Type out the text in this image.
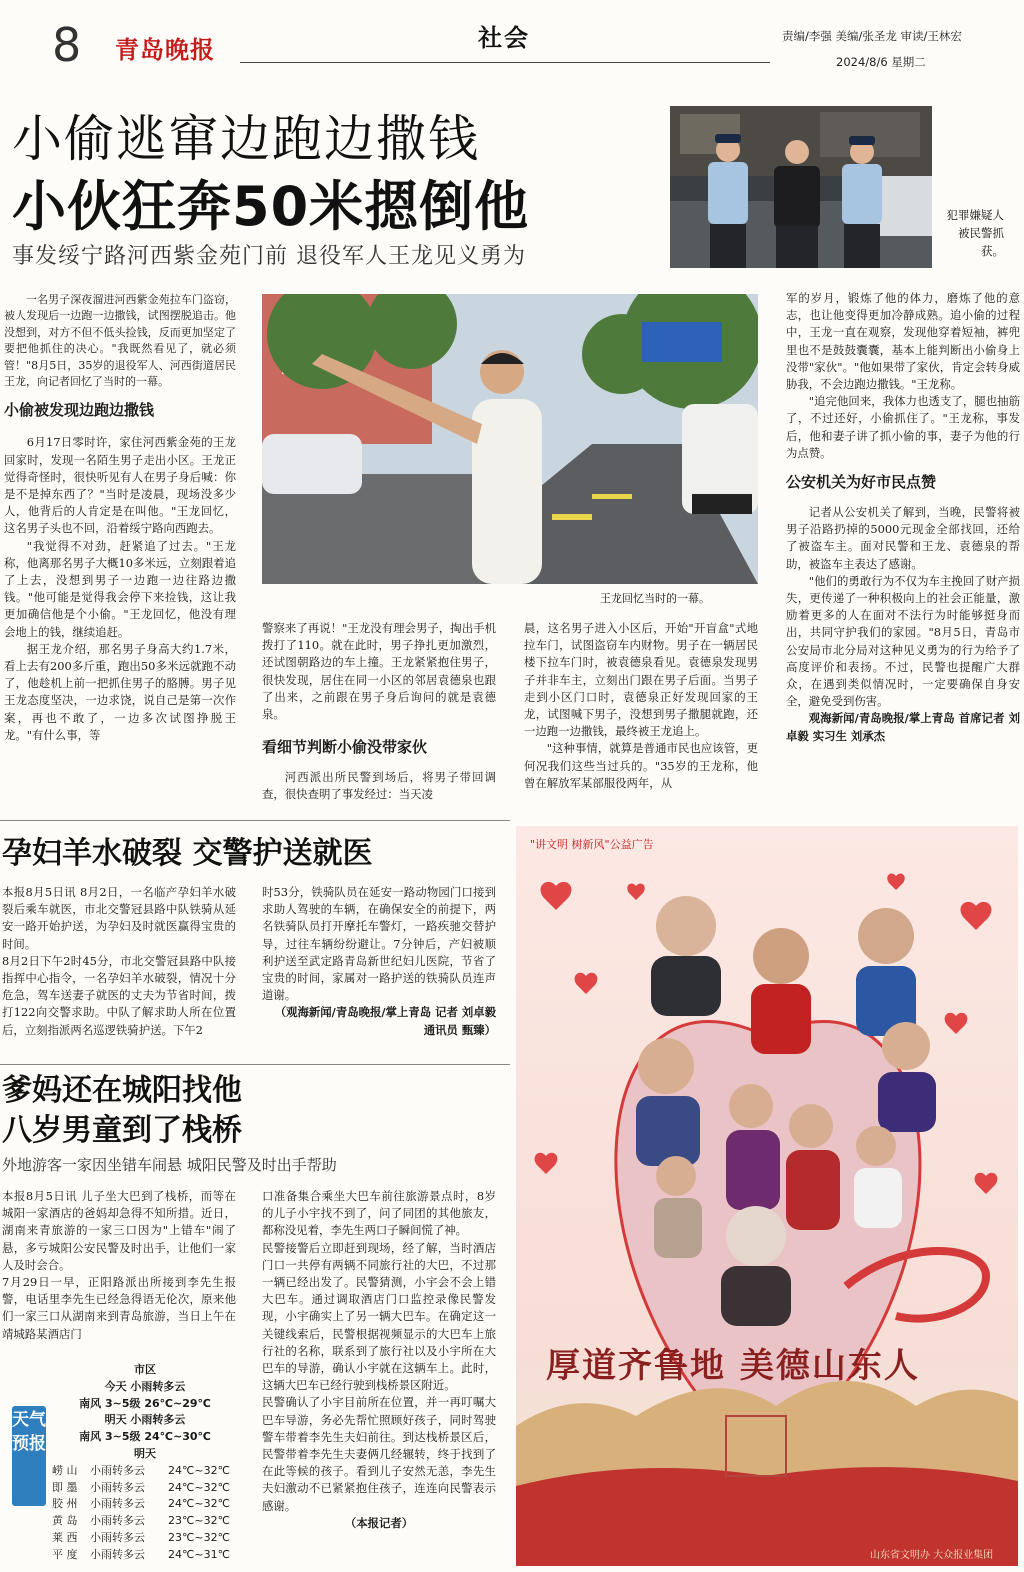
8 青岛晚报	社会	责编/李强 美编/张圣龙 审读/王林宏
2024/8/6 星期二
小偷逃窜边跑边撒钱
小伙狂奔50米摁倒他
事发绥宁路河西紫金苑门前 退役军人王龙见义勇为
犯罪嫌疑人被民警抓获。
王龙回忆当时的一幕。

一名男子深夜溜进河西紫金苑拉车门盗窃，被人发现后一边跑一边撒钱，试图摆脱追击。他没想到，对方不但不低头捡钱，反而更加坚定了要把他抓住的决心。"我既然看见了，就必须管！"8月5日，35岁的退役军人、河西街道居民王龙，向记者回忆了当时的一幕。

小偷被发现边跑边撒钱

6月17日零时许，家住河西紫金苑的王龙回家时，发现一名陌生男子走出小区。王龙正觉得奇怪时，很快听见有人在男子身后喊：你是不是掉东西了？"当时是凌晨，现场没多少人，他背后的人肯定是在叫他。"王龙回忆，这名男子头也不回，沿着绥宁路向西跑去。

"我觉得不对劲，赶紧追了过去。"王龙称，他离那名男子大概10多米远，立刻跟着追了上去，没想到男子一边跑一边往路边撒钱。"他可能是觉得我会停下来捡钱，这让我更加确信他是个小偷。"王龙回忆，他没有理会地上的钱，继续追赶。

据王龙介绍，那名男子身高大约1.7米，看上去有200多斤重，跑出50多米远就跑不动了，他趁机上前一把抓住男子的胳膊。男子见王龙态度坚决，一边求饶，说自己是第一次作案，再也不敢了，一边多次试图挣脱王龙。"有什么事，等

警察来了再说！"王龙没有理会男子，掏出手机拨打了110。就在此时，男子挣扎更加激烈，还试图朝路边的车上撞。王龙紧紧抱住男子，很快发现，居住在同一小区的邻居袁德泉也跟了出来，之前跟在男子身后询问的就是袁德泉。

看细节判断小偷没带家伙

河西派出所民警到场后，将男子带回调查，很快查明了事发经过：当天凌

晨，这名男子进入小区后，开始"开盲盒"式地拉车门，试图盗窃车内财物。男子在一辆居民楼下拉车门时，被袁德泉看见。袁德泉发现男子并非车主，立刻出门跟在男子后面。当男子走到小区门口时，袁德泉正好发现回家的王龙，试图喊下男子，没想到男子撒腿就跑，还一边跑一边撒钱，最终被王龙追上。

"这种事情，就算是普通市民也应该管，更何况我们这些当过兵的。"35岁的王龙称，他曾在解放军某部服役两年，从

军的岁月，锻炼了他的体力，磨炼了他的意志，也让他变得更加冷静成熟。追小偷的过程中，王龙一直在观察，发现他穿着短袖，裤兜里也不是鼓鼓囊囊，基本上能判断出小偷身上没带"家伙"。"他如果带了家伙，肯定会转身威胁我，不会边跑边撒钱。"王龙称。

"追完他回来，我体力也透支了，腿也抽筋了，不过还好，小偷抓住了。"王龙称，事发后，他和妻子讲了抓小偷的事，妻子为他的行为点赞。

公安机关为好市民点赞

记者从公安机关了解到，当晚，民警将被男子沿路扔掉的5000元现金全部找回，还给了被盗车主。面对民警和王龙、袁德泉的帮助，被盗车主表达了感谢。

"他们的勇敢行为不仅为车主挽回了财产损失，更传递了一种积极向上的社会正能量，激励着更多的人在面对不法行为时能够挺身而出，共同守护我们的家园。"8月5日，青岛市公安局市北分局对这种见义勇为的行为给予了高度评价和表扬。不过，民警也提醒广大群众，在遇到类似情况时，一定要确保自身安全，避免受到伤害。

观海新闻/青岛晚报/掌上青岛 首席记者 刘卓毅 实习生 刘承杰

孕妇羊水破裂 交警护送就医
本报8月5日讯 8月2日，一名临产孕妇羊水破裂后乘车就医，市北交警冠县路中队铁骑从延安一路开始护送，为孕妇及时就医赢得宝贵的时间。
8月2日下午2时45分，市北交警冠县路中队接指挥中心指令，一名孕妇羊水破裂，情况十分危急，驾车送妻子就医的丈夫为节省时间，拨打122向交警求助。中队了解求助人所在位置后，立刻指派两名巡逻铁骑护送。下午2
时53分，铁骑队员在延安一路动物园门口接到求助人驾驶的车辆，在确保安全的前提下，两名铁骑队员打开摩托车警灯，一路疾驰交替护导，过往车辆纷纷避让。7分钟后，产妇被顺利护送至武定路青岛新世纪妇儿医院，节省了宝贵的时间，家属对一路护送的铁骑队员连声道谢。
（观海新闻/青岛晚报/掌上青岛 记者 刘卓毅 通讯员 甄臻）
爹妈还在城阳找他
八岁男童到了栈桥
外地游客一家因坐错车闹悬 城阳民警及时出手帮助
本报8月5日讯 儿子坐大巴到了栈桥，而等在城阳一家酒店的爸妈却急得不知所措。近日，湖南来青旅游的一家三口因为"上错车"闹了悬，多亏城阳公安民警及时出手，让他们一家人及时会合。
7月29日一早，正阳路派出所接到李先生报警，电话里李先生已经急得语无伦次，原来他们一家三口从湖南来到青岛旅游，当日上午在靖城路某酒店门
口准备集合乘坐大巴车前往旅游景点时，8岁的儿子小宇找不到了，问了同团的其他旅友，都称没见着，李先生两口子瞬间慌了神。
民警接警后立即赶到现场，经了解，当时酒店门口一共停有两辆不同旅行社的大巴，不过那一辆已经出发了。民警猜测，小宇会不会上错大巴车。通过调取酒店门口监控录像民警发现，小宇确实上了另一辆大巴车。在确定这一关键线索后，民警根据视频显示的大巴车上旅行社的名称，联系到了旅行社以及小宇所在大巴车的导游，确认小宇就在这辆车上。此时，这辆大巴车已经行驶到栈桥景区附近。
民警确认了小宇目前所在位置，并一再叮嘱大巴车导游，务必先帮忙照顾好孩子，同时驾驶警车带着李先生夫妇前往。到达栈桥景区后，民警带着李先生夫妻俩几经辗转，终于找到了在此等候的孩子。看到儿子安然无恙，李先生夫妇激动不已紧紧抱住孩子，连连向民警表示感谢。
（本报记者）
天气预报
市区
今天 小雨转多云
南风 3~5级 26℃~29℃
明天 小雨转多云
南风 3~5级 24℃~30℃
明天
崂 山	小雨转多云	24℃~32℃
即 墨	小雨转多云	24℃~32℃
胶 州	小雨转多云	24℃~32℃
黄 岛	小雨转多云	23℃~32℃
莱 西	小雨转多云	23℃~32℃
平 度	小雨转多云	24℃~31℃
"讲文明 树新风"公益广告
厚道齐鲁地 美德山东人
山东省文明办 大众报业集团
